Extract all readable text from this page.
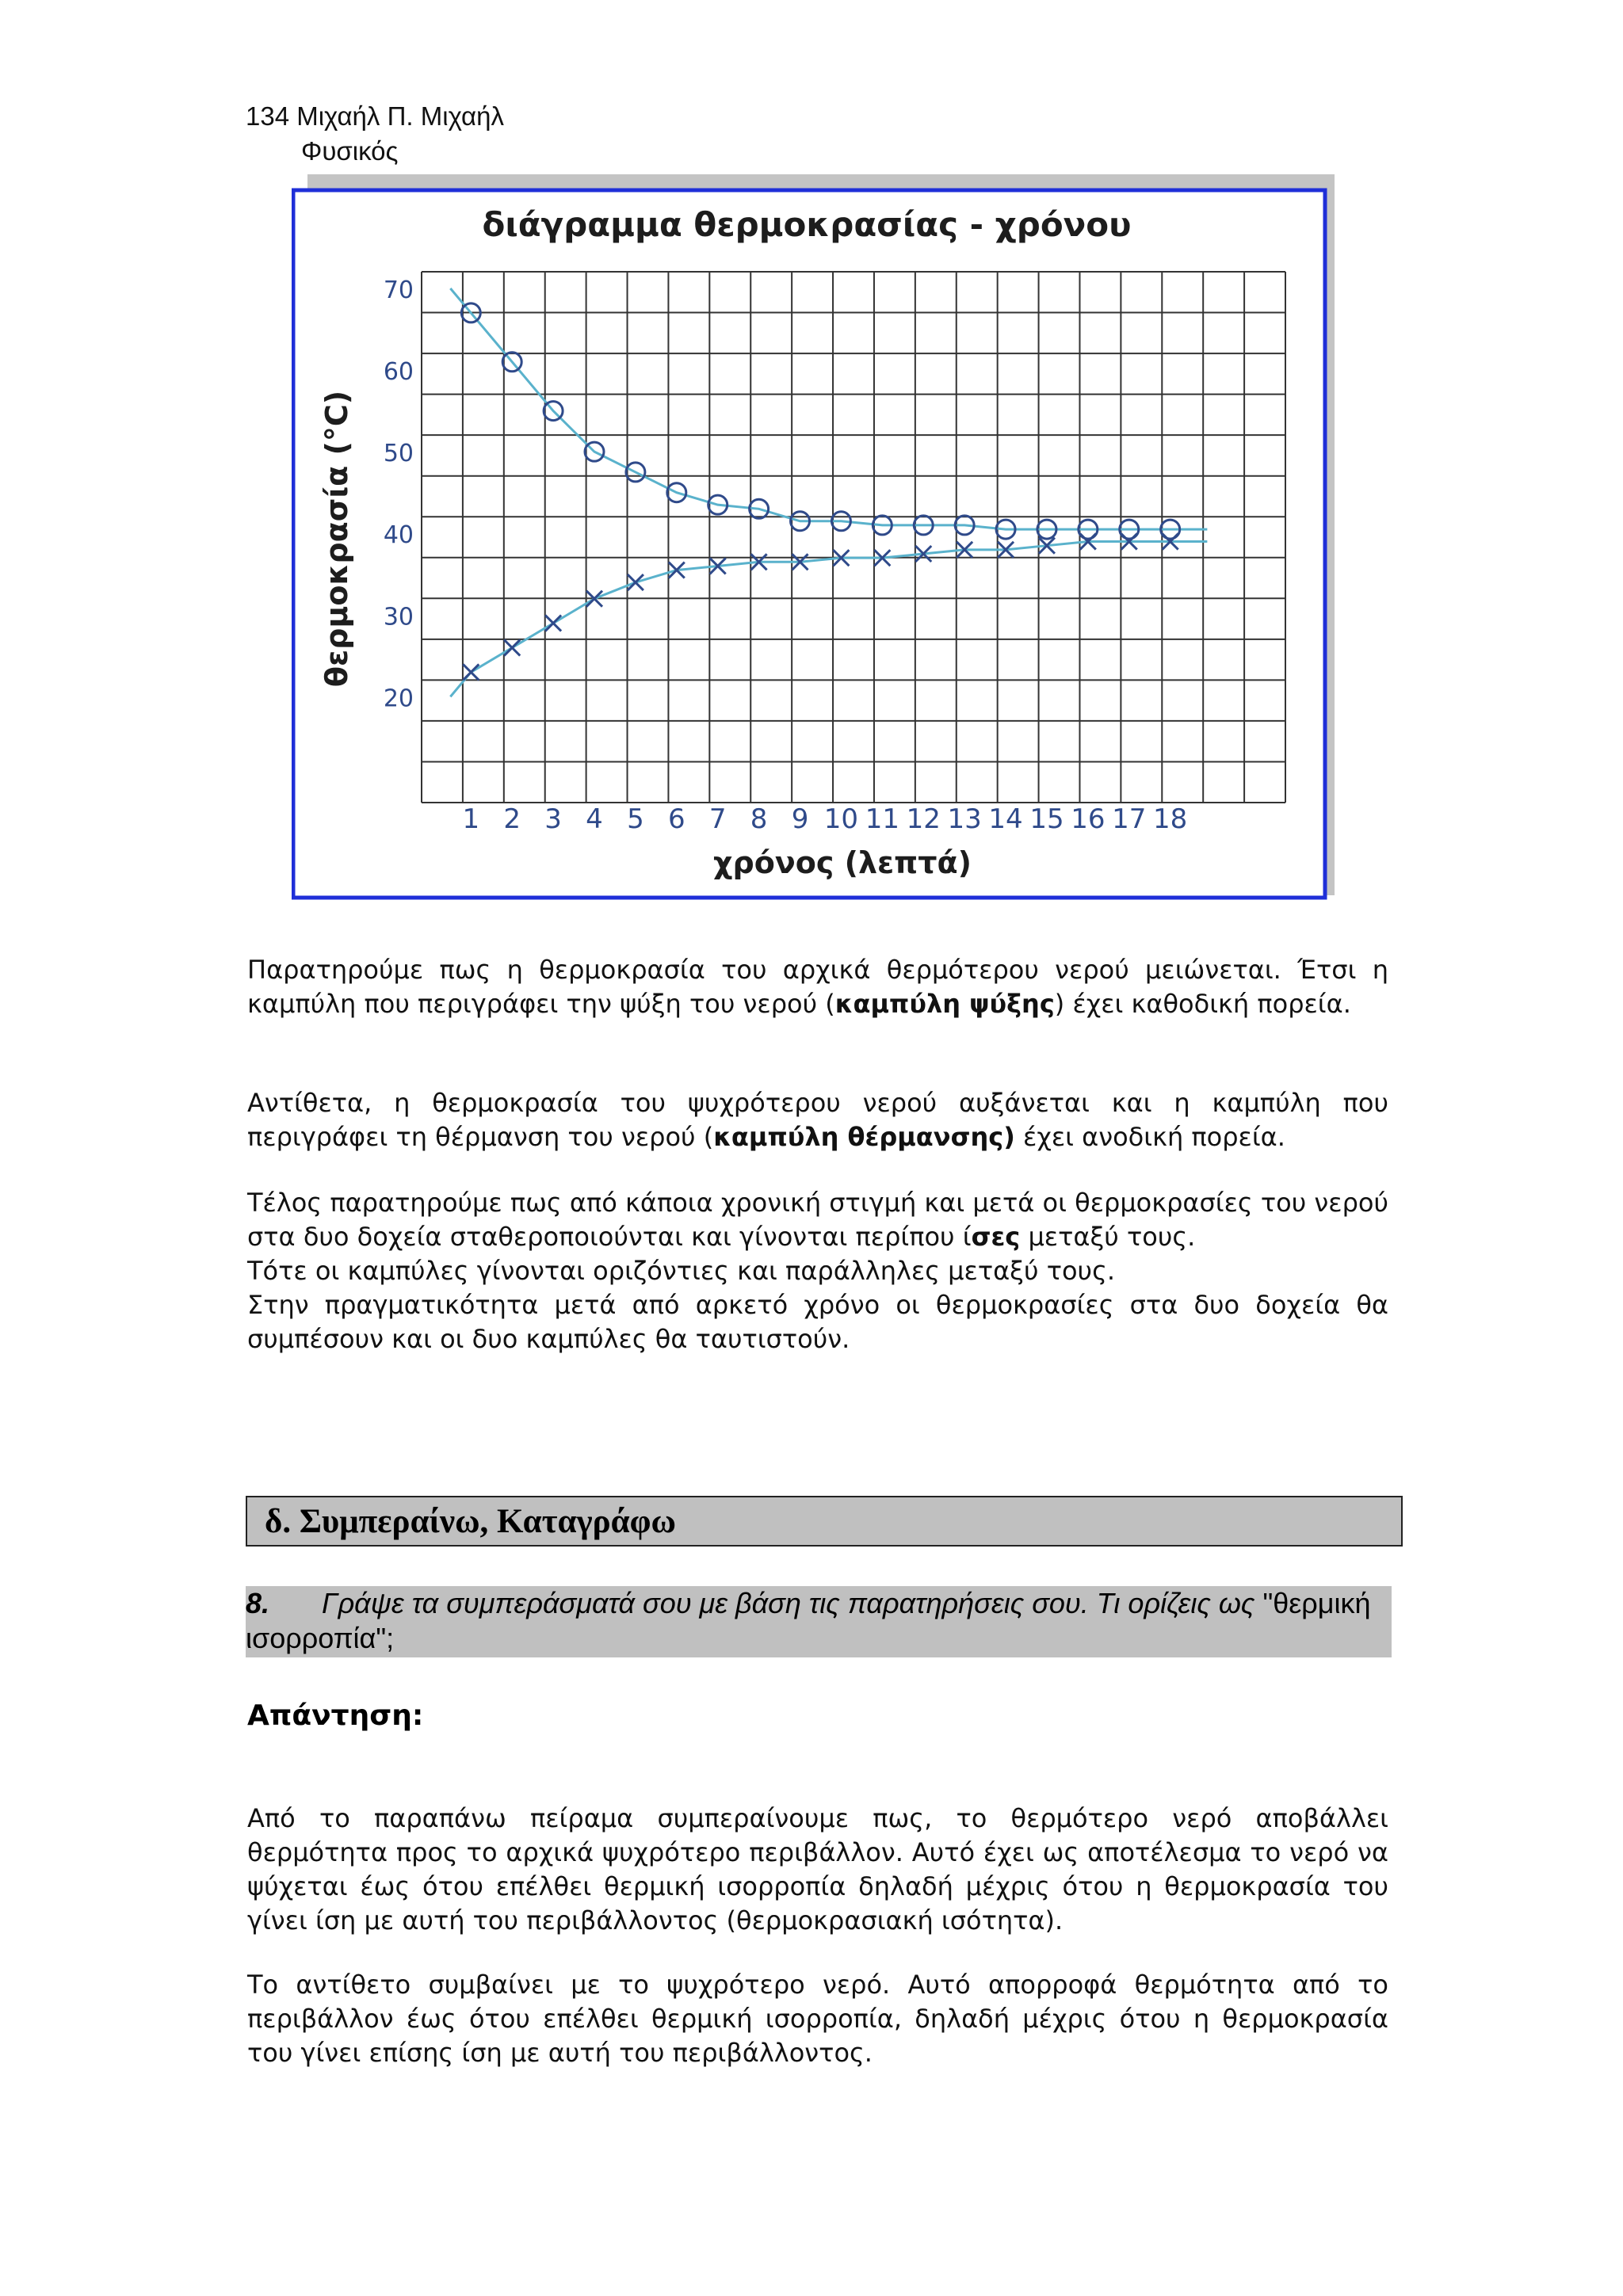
134 Μιχαήλ Π. Μιχαήλ
Φυσικός
διάγραμμα θερμοκρασίας - χρόνου
20
30
40
50
60
70
1 2 3 4 5 6 7 8 9 10 11 12 13 14 15 16 17 18
θερμοκρασία (°C)
χρόνος (λεπτά)

Παρατηρούμε πως η θερμοκρασία του αρχικά θερμότερου νερού μειώνεται. Έτσι η καμπύλη που περιγράφει την ψύξη του νερού (καμπύλη ψύξης) έχει καθοδική πορεία.

Αντίθετα, η θερμοκρασία του ψυχρότερου νερού αυξάνεται και η καμπύλη που περιγράφει τη θέρμανση του νερού (καμπύλη θέρμανσης) έχει ανοδική πορεία.

Τέλος παρατηρούμε πως από κάποια χρονική στιγμή και μετά οι θερμοκρασίες του νερού στα δυο δοχεία σταθεροποιούνται και γίνονται περίπου ίσες μεταξύ τους.

Τότε οι καμπύλες γίνονται οριζόντιες και παράλληλες μεταξύ τους.

Στην πραγματικότητα μετά από αρκετό χρόνο οι θερμοκρασίες στα δυο δοχεία θα συμπέσουν και οι δυο καμπύλες θα ταυτιστούν.

δ. Συμπεραίνω, Καταγράφω
8. Γράψε τα συμπεράσματά σου με βάση τις παρατηρήσεις σου. Τι ορίζεις ως "θερμική ισορροπία";
Απάντηση:
Από το παραπάνω πείραμα συμπεραίνουμε πως, το θερμότερο νερό αποβάλλει θερμότητα προς το αρχικά ψυχρότερο περιβάλλον. Αυτό έχει ως αποτέλεσμα το νερό να ψύχεται έως ότου επέλθει θερμική ισορροπία δηλαδή μέχρις ότου η θερμοκρασία του γίνει ίση με αυτή του περιβάλλοντος (θερμοκρασιακή ισότητα).
Το αντίθετο συμβαίνει με το ψυχρότερο νερό. Αυτό απορροφά θερμότητα από το περιβάλλον έως ότου επέλθει θερμική ισορροπία, δηλαδή μέχρις ότου η θερμοκρασία του γίνει επίσης ίση με αυτή του περιβάλλοντος.
